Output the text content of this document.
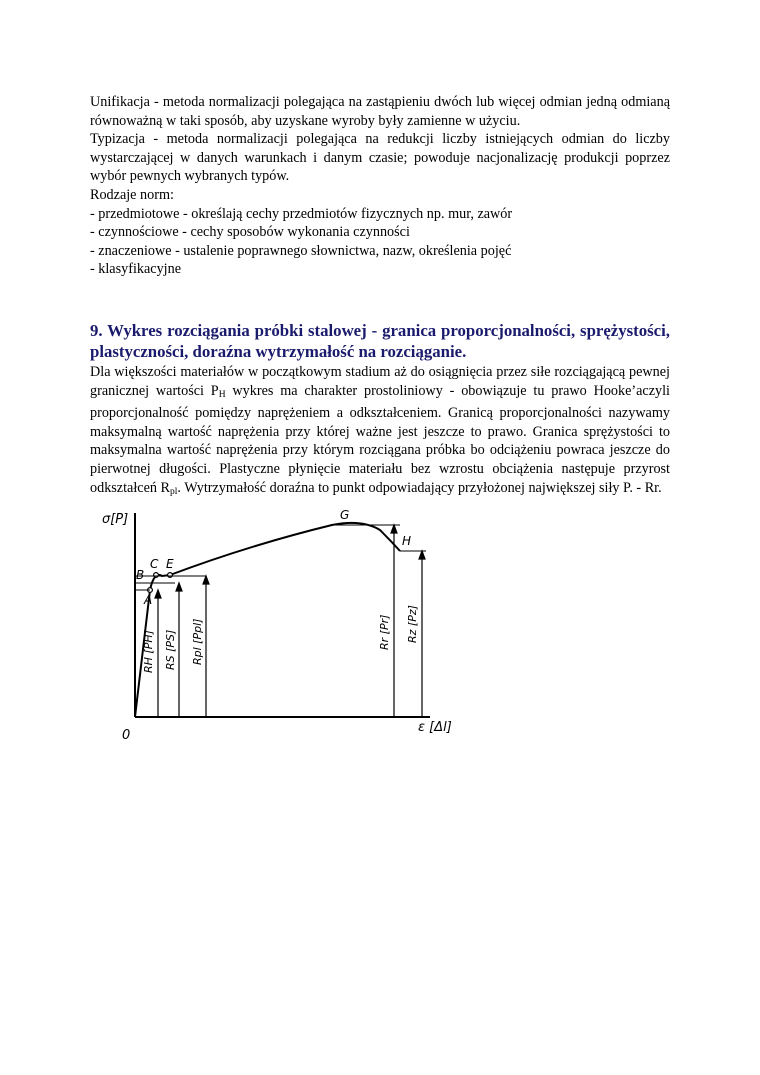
Unifikacja - metoda normalizacji polegająca na zastąpieniu dwóch lub więcej odmian jedną odmianą równoważną w taki sposób, aby uzyskane wyroby były zamienne w użyciu.

Typizacja - metoda normalizacji polegająca na redukcji liczby istniejących odmian do liczby wystarczającej w danych warunkach i danym czasie; powoduje nacjonalizację produkcji poprzez wybór pewnych wybranych typów.

Rodzaje norm:

- przedmiotowe - określają cechy przedmiotów fizycznych np. mur, zawór

- czynnościowe - cechy sposobów wykonania czynności

- znaczeniowe - ustalenie poprawnego słownictwa, nazw, określenia pojęć

- klasyfikacyjne

9. Wykres rozciągania próbki stalowej - granica proporcjonalności, sprężystości, plastyczności, doraźna wytrzymałość na rozciąganie.

Dla większości materiałów w początkowym stadium aż do osiągnięcia przez siłe rozciągającą pewnej granicznej wartości $P_H$ wykres ma charakter prostoliniowy - obowiązuje tu prawo Hooke’aczyli proporcjonalność pomiędzy naprężeniem a odkształceniem. Granicą proporcjonalności nazywamy maksymalną wartość naprężenia przy której ważne jest jeszcze to prawo. Granica sprężystości to maksymalna wartość naprężenia przy którym rozciągana próbka bo odciążeniu powraca jeszcze do pierwotnej długości. Plastyczne płynięcie materiału bez wzrostu obciążenia następuje przyrost odkształceń $R_{pl}$. Wytrzymałość doraźna to punkt odpowiadający przyłożonej największej siły P. - Rr.

σ[P]
ε [Δl]
0
A
B
C E
G
H
RH [PH] RS [PS] Rpl [Ppl]	Rr [Pr] Rz [Pz]
